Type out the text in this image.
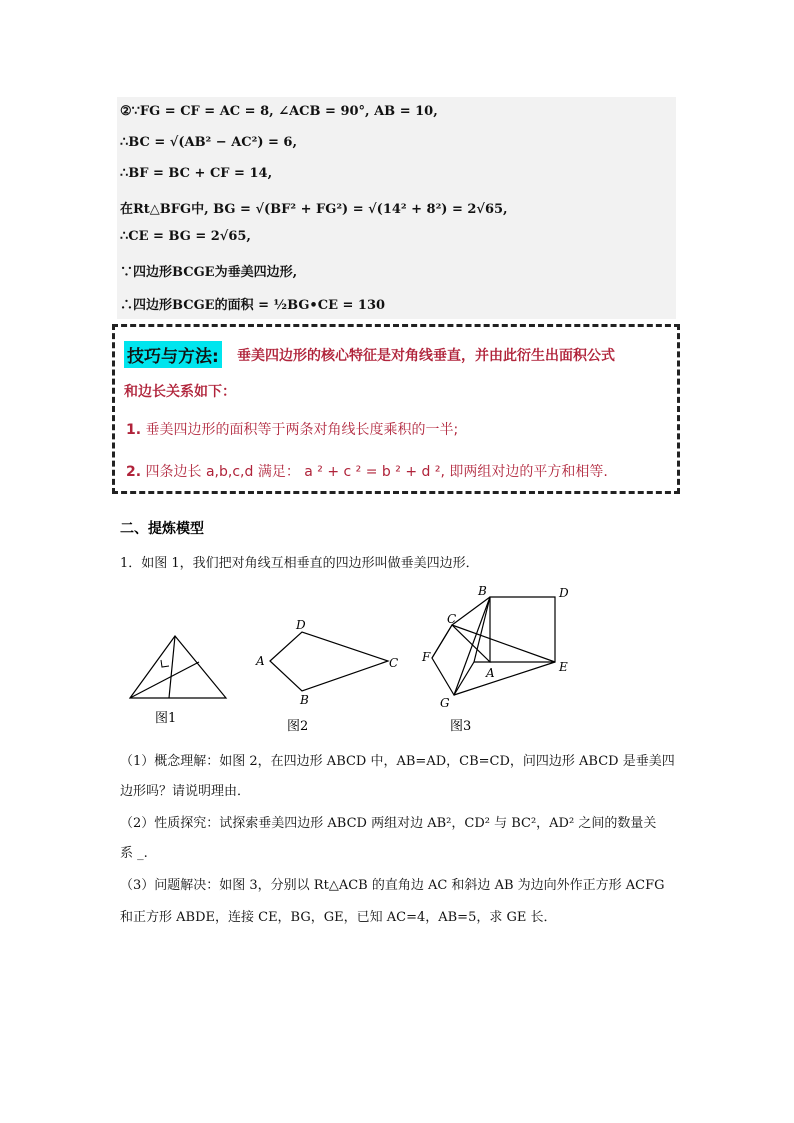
②∵FG = CF = AC = 8, ∠ACB = 90°, AB = 10,
∴BC = √(AB² − AC²) = 6,
∴BF = BC + CF = 14,
在Rt△BFG中, BG = √(BF² + FG²) = √(14² + 8²) = 2√65,
∴CE = BG = 2√65,
∵四边形BCGE为垂美四边形,
∴四边形BCGE的面积 = ½BG•CE = 130
技巧与方法: 垂美四边形的核心特征是对角线垂直，并由此衍生出面积公式
和边长关系如下：
1. 垂美四边形的面积等于两条对角线长度乘积的一半;
2. 四条边长 a,b,c,d 满足： a ² + c ² = b ² + d ², 即两组对边的平方和相等.
二、提炼模型
1．如图 1，我们把对角线互相垂直的四边形叫做垂美四边形．
图1
A
D
C
B
图2
B	D
C
F
A	E
G
图3
（1）概念理解：如图 2，在四边形 ABCD 中，AB=AD，CB=CD，问四边形 ABCD 是垂美四
边形吗？请说明理由．
（2）性质探究：试探索垂美四边形 ABCD 两组对边 AB²，CD² 与 BC²，AD² 之间的数量关
系 _.
（3）问题解决：如图 3，分别以 Rt△ACB 的直角边 AC 和斜边 AB 为边向外作正方形 ACFG
和正方形 ABDE，连接 CE，BG，GE，已知 AC=4，AB=5，求 GE 长．
